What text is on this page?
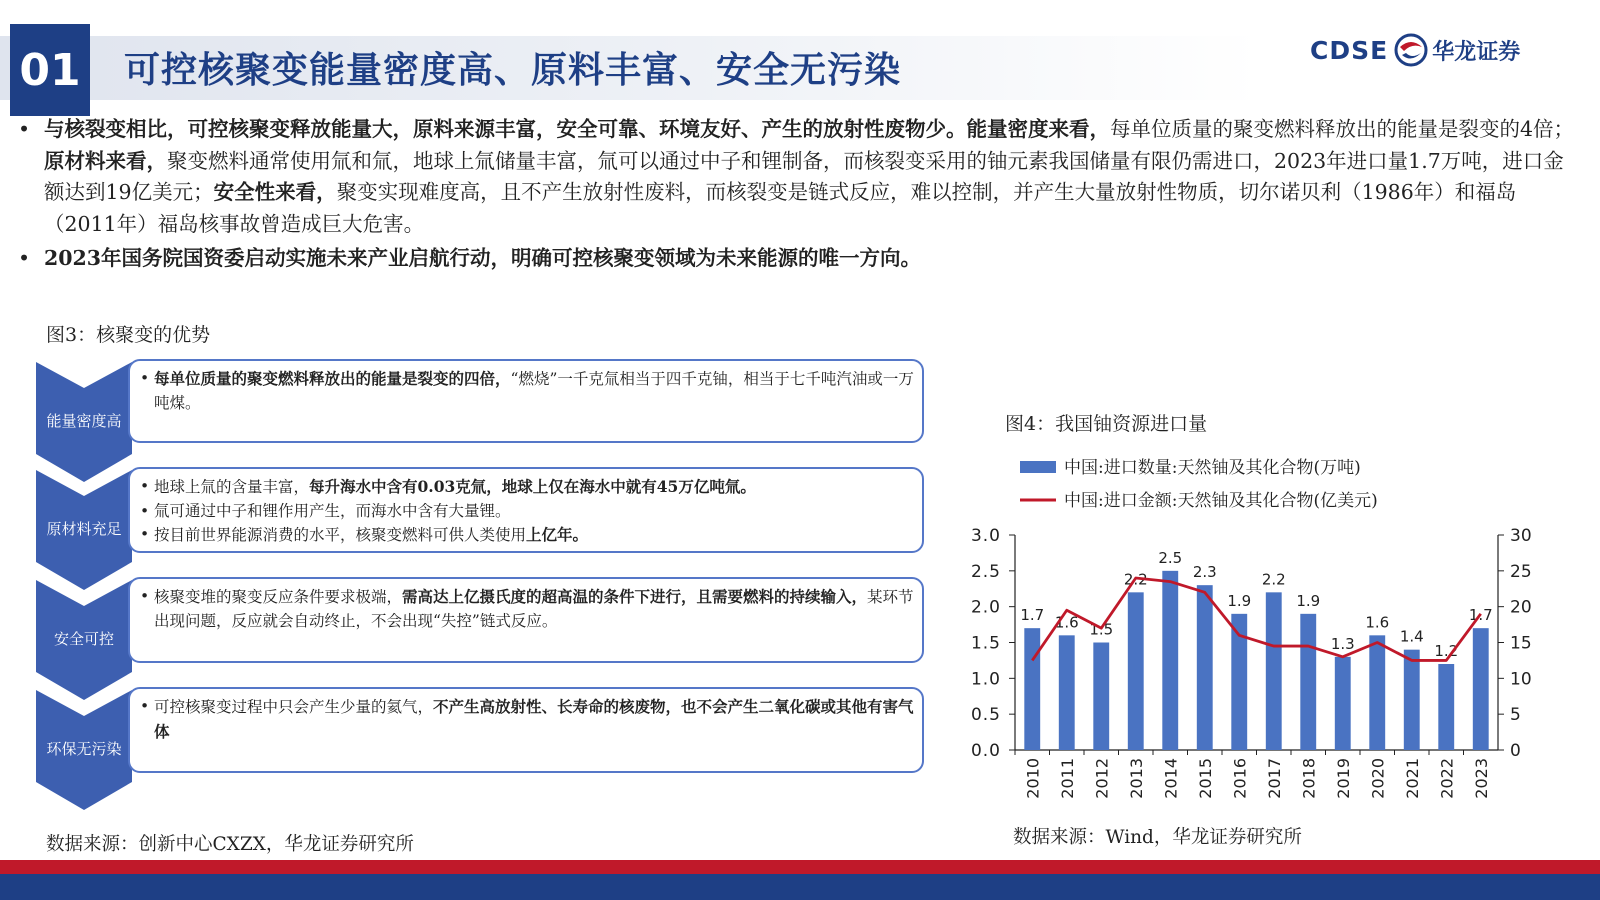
01 可控核聚变能量密度高、原料丰富、安全无污染	CDSE 华龙证券
• 与核裂变相比，可控核聚变释放能量大，原料来源丰富，安全可靠、环境友好、产生的放射性废物少。能量密度来看，每单位质量的聚变燃料释放出的能量是裂变的4倍；原材料来看，聚变燃料通常使用氚和氚，地球上氚储量丰富，氚可以通过中子和锂制备，而核裂变采用的铀元素我国储量有限仍需进口，2023年进口量1.7万吨，进口金额达到19亿美元；安全性来看，聚变实现难度高，且不产生放射性废料，而核裂变是链式反应，难以控制，并产生大量放射性物质，切尔诺贝利（1986年）和福岛（2011年）福岛核事故曾造成巨大危害。
• 2023年国务院国资委启动实施未来产业启航行动，明确可控核聚变领域为未来能源的唯一方向。
图3：核聚变的优势
能量密度高

• 每单位质量的聚变燃料释放出的能量是裂变的四倍，“燃烧”一千克氚相当于四千克铀，相当于七千吨汽油或一万吨煤。

原材料充足

• 地球上氚的含量丰富，每升海水中含有0.03克氚，地球上仅在海水中就有45万亿吨氚。

• 氚可通过中子和锂作用产生，而海水中含有大量锂。

• 按目前世界能源消费的水平，核聚变燃料可供人类使用上亿年。

安全可控

• 核聚变堆的聚变反应条件要求极端，需高达上亿摄氏度的超高温的条件下进行，且需要燃料的持续输入，某环节出现问题，反应就会自动终止，不会出现“失控”链式反应。

环保无污染

• 可控核聚变过程中只会产生少量的氦气，不产生高放射性、长寿命的核废物，也不会产生二氧化碳或其他有害气体

数据来源：创新中心CXZX，华龙证券研究所
图4：我国铀资源进口量
中国:进口数量:天然铀及其化合物(万吨)
中国:进口金额:天然铀及其化合物(亿美元)
0.0
0.5
1.0
1.5
2.0
2.5
3.0
0
5
10
15
20
25
30
1.7
2010
1.6
2011
1.5
2012
2.2
2013
2.5
2014
2.3
2015
1.9
2016
2.2
2017
1.9
2018
1.3
2019
1.6
2020
1.4
2021
1.2
2022
1.7
2023
数据来源：Wind，华龙证券研究所
